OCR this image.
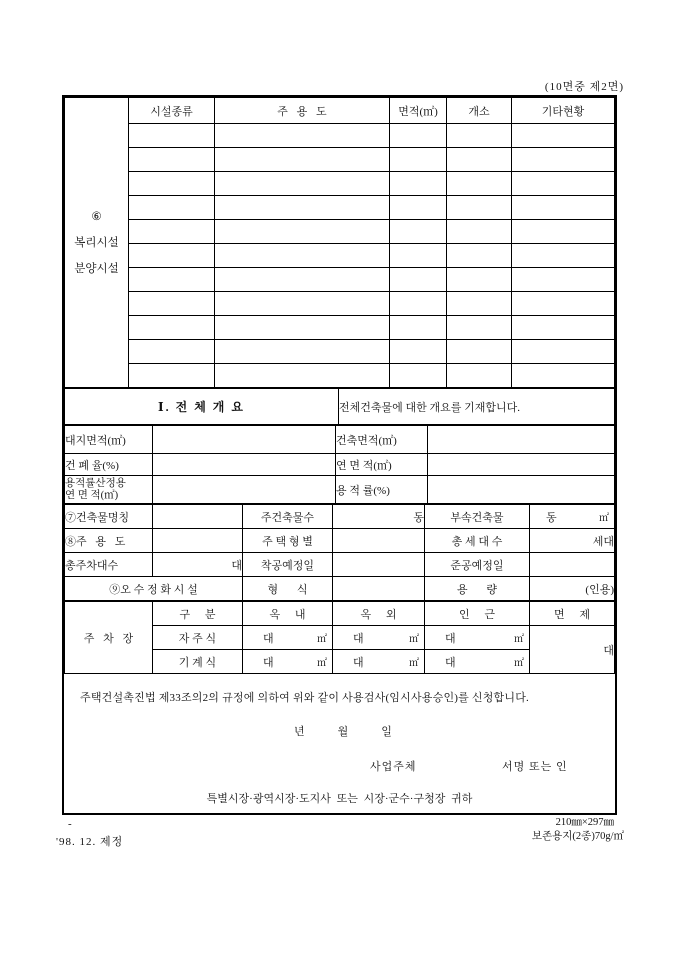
(10면중 제2면)
⑥
복리시설
분양시설	시설종류	주 용 도	면적(㎡)	개소	기타현황

Ⅰ. 전 체 개 요	전체건축물에 대한 개요를 기재합니다.
대지면적(㎡)		건축면적(㎡)	
건 폐 율(%)		연 면 적(㎡)	

용적률산정용
연 면 적(㎡)		용 적 률(%)	
⑦건축물명칭		주건축물수	동	부속건축물	동 ㎡

⑧주 용 도		주 택 형 별		총 세 대 수	세대
총주차대수	대	착공예정일		준공예정일	
⑨오 수 정 화 시 설		형 식		용 량	(인용)
주 차 장	구 분	옥 내	옥 외	인 근	면 제
	자 주 식	대 ㎡	대 ㎡	대 ㎡	대
	기 계 식	대 ㎡	대 ㎡	대 ㎡	
주택건설촉진법 제33조의2의 규정에 의하여 위와 같이 사용검사(임시사용승인)를 신청합니다.
년	월	일
사업주체	서명 또는 인
특별시장·광역시장·도지사 또는 시장·군수·구청장 귀하
-
'98. 12. 제정
210㎜×297㎜
보존용지(2종)70g/㎡
